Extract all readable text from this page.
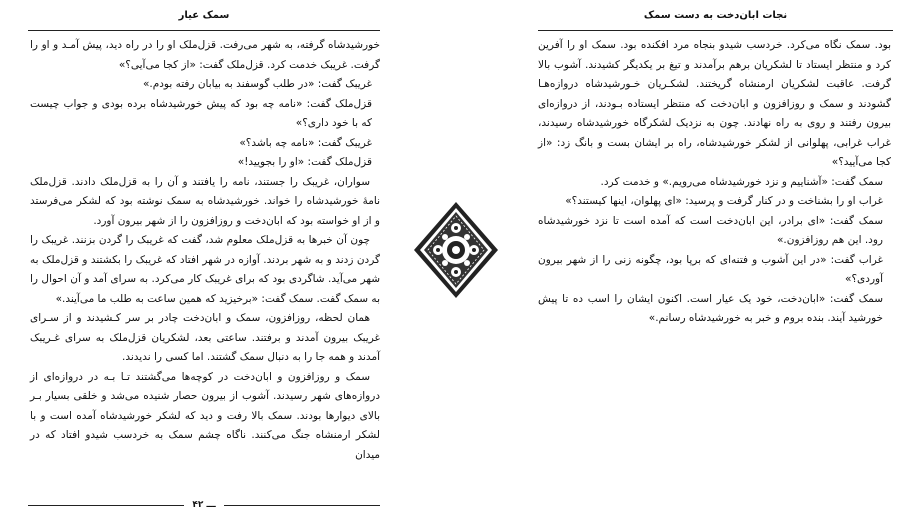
سمک عیار

خورشیدشاه گرفته، به شهر می‌رفت. قزل‌ملک او را در راه دید، پیش آمـد و او را گرفت. غریبک خدمت کرد. قزل‌ملک گفت: «از کجا می‌آیی؟»

غریبک گفت: «در طلب گوسفند به بیابان رفته بودم.»

قزل‌ملک گفت: «نامه چه بود که پیش خورشیدشاه برده بودی و جواب چیست که با خود داری؟»

غریبک گفت: «نامه چه باشد؟»

قزل‌ملک گفت: «او را بجویید!»

سواران، غریبک را جستند، نامه را یافتند و آن را به قزل‌ملک دادند. قزل‌ملک نامهٔ خورشیدشاه را خواند. خورشیدشاه به سمک نوشته بود که لشکر می‌فرستد و از او خواسته بود که ابان‌دخت و روزافزون را از شهر بیرون آورد.

چون آن خبرها به قزل‌ملک معلوم شد، گفت که غریبک را گردن بزنند. غریبک را گردن زدند و به شهر بردند. آوازه در شهر افتاد که غریبک را بکشتند و قزل‌ملک به شهر می‌آید. شاگردی بود که برای غریبک کار می‌کرد. به سرای آمد و آن احوال را به سمک گفت. سمک گفت: «برخیزید که همین ساعت به طلب ما می‌آیند.»

همان لحظه، روزافزون، سمک و ابان‌دخت چادر بر سر کـشیدند و از سـرای غریبک بیرون آمدند و برفتند. ساعتی بعد، لشکریان قزل‌ملک به سرای غـریبک آمدند و همه جا را به دنبال سمک گشتند. اما کسی را ندیدند.

سمک و روزافزون و ابان‌دخت در کوچه‌ها می‌گشتند تـا بـه در دروازه‌ای از دروازه‌های شهر رسیدند. آشوب از بیرون حصار شنیده می‌شد و خلقی بسیار بـر بالای دیوارها بودند. سمک بالا رفت و دید که لشکر خورشیدشاه آمده است و با لشکر ارمنشاه جنگ می‌کنند. ناگاه چشم سمک به خردسب شیدو افتاد که در میدان

۴۲ ـــ
نجات ابان‌دخت به دست سمک

بود. سمک نگاه می‌کرد. خردسب شیدو بنجاه مرد افکنده بود. سمک او را آفرین کرد و منتظر ایستاد تا لشکریان برهم برآمدند و تیغ بر یکدیگر کشیدند. آشوب بالا گرفت. عاقبت لشکریان ارمنشاه گریختند. لشکـریان خـورشیدشاه دروازه‌هـا گشودند و سمک و روزافزون و ابان‌دخت که منتظر ایستاده بـودند، از دروازه‌ای بیرون رفتند و روی به راه نهادند. چون به نزدیک لشکرگاه خورشیدشاه رسیدند، غراب غرابی، پهلوانی از لشکر خورشیدشاه، راه بر ایشان بست و بانگ زد: «از کجا می‌آیید؟»

سمک گفت: «آشناییم و نزد خورشیدشاه می‌رویم.» و خدمت کرد.

غراب او را بشناخت و در کنار گرفت و پرسید: «ای پهلوان، اینها کیستند؟»

سمک گفت: «ای برادر، این ابان‌دخت است که آمده است تا نزد خورشیدشاه رود. این هم روزافزون.»

غراب گفت: «در این آشوب و فتنه‌ای که برپا بود، چگونه زنی را از شهر بیرون آوردی؟»

سمک گفت: «ابان‌دخت، خود یک عیار است. اکنون ایشان را اسب ده تا پیش خورشید آیند. بنده بروم و خبر به خورشیدشاه رسانم.»
